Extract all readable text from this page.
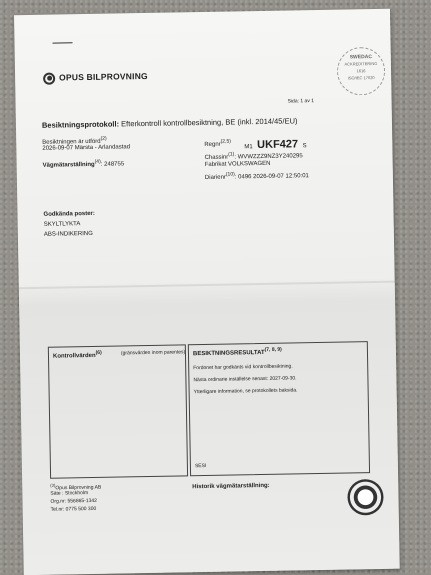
OPUS BILPROVNING
SWEDAC
ACKREDITERING
1616
ISO/IEC 17020
Sida: 1 av 1
Besiktningsprotokoll: Efterkontroll kontrollbesiktning, BE (inkl. 2014/45/EU)
Besiktningen är utförd$^{(2)}$
2026-09-07 Märsta - Arlandastad
Vägmätarställning$^{(4)}$: 248755
Regnr$^{(2,5)}$
M1 UKF427 S
Chassinr$^{(1)}$: WVWZZZ9NZ3Y240295
Fabrikat VOLKSWAGEN
Diarienr$^{(10)}$: 0496 2026-09-07 12:50:01
Godkända poster:
SKYLTLYKTA
ABS-INDIKERING
Kontrollvärden$^{(6)}$	(gränsvärden inom parentes) BESIKTNINGSRESULTAT$^{(7, 8, 9)}$
Fordonet har godkänts vid kontrollbesiktning.
Nästa ordinarie inställelse senast: 2027-09-30.
Ytterligare information, se protokollets baksida.
SESI
$^{(3)}$Opus Bilprovning AB
Säte : Stockholm
Org.nr: 556865-1342
Tel.nr: 0775 500 300
Historik vägmätarställning:
